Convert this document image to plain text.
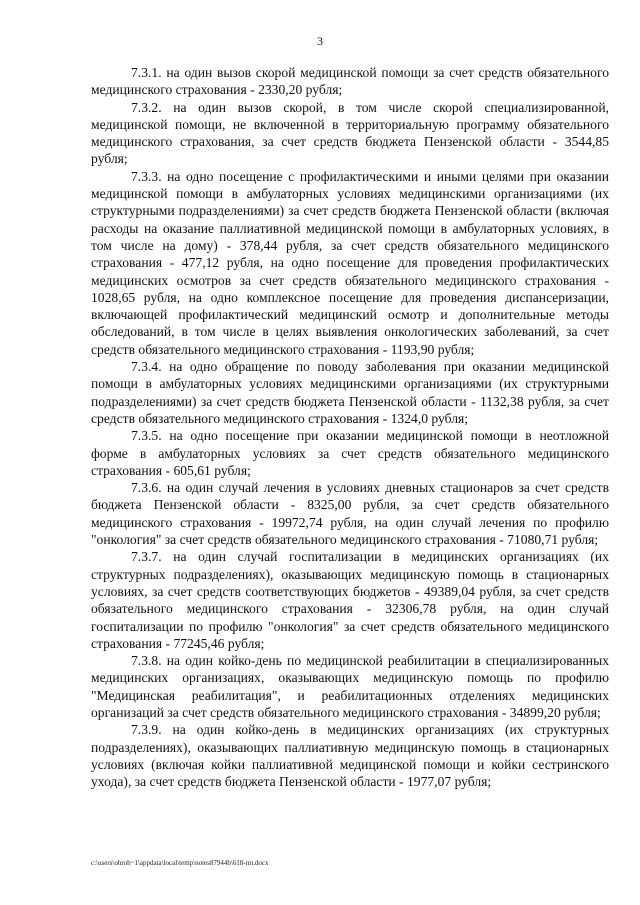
3

7.3.1. на один вызов скорой медицинской помощи за счет средств обязательного медицинского страхования - 2330,20 рубля;

7.3.2. на один вызов скорой, в том числе скорой специализированной, медицинской помощи, не включенной в территориальную программу обязательного медицинского страхования, за счет средств бюджета Пензенской области - 3544,85 рубля;

7.3.3. на одно посещение с профилактическими и иными целями при оказании медицинской помощи в амбулаторных условиях медицинскими организациями (их структурными подразделениями) за счет средств бюджета Пензенской области (включая расходы на оказание паллиативной медицинской помощи в амбулаторных условиях, в том числе на дому) - 378,44 рубля, за счет средств обязательного медицинского страхования - 477,12 рубля, на одно посещение для проведения профилактических медицинских осмотров за счет средств обязательного медицинского страхования - 1028,65 рубля, на одно комплексное посещение для проведения диспансеризации, включающей профилактический медицинский осмотр и дополнительные методы обследований, в том числе в целях выявления онкологических заболеваний, за счет средств обязательного медицинского страхования - 1193,90 рубля;

7.3.4. на одно обращение по поводу заболевания при оказании медицинской помощи в амбулаторных условиях медицинскими организациями (их структурными подразделениями) за счет средств бюджета Пензенской области - 1132,38 рубля, за счет средств обязательного медицинского страхования - 1324,0 рубля;

7.3.5. на одно посещение при оказании медицинской помощи в неотложной форме в амбулаторных условиях за счет средств обязательного медицинского страхования - 605,61 рубля;

7.3.6. на один случай лечения в условиях дневных стационаров за счет средств бюджета Пензенской области - 8325,00 рубля, за счет средств обязательного медицинского страхования - 19972,74 рубля, на один случай лечения по профилю "онкология" за счет средств обязательного медицинского страхования - 71080,71 рубля;

7.3.7. на один случай госпитализации в медицинских организациях (их структурных подразделениях), оказывающих медицинскую помощь в стационарных условиях, за счет средств соответствующих бюджетов - 49389,04 рубля, за счет средств обязательного медицинского страхования - 32306,78 рубля, на один случай госпитализации по профилю "онкология" за счет средств обязательного медицинского страхования - 77245,46 рубля;

7.3.8. на один койко-день по медицинской реабилитации в специализированных медицинских организациях, оказывающих медицинскую помощь по профилю "Медицинская реабилитация", и реабилитационных отделениях медицинских организаций за счет средств обязательного медицинского страхования - 34899,20 рубля;

7.3.9. на один койко-день в медицинских организациях (их структурных подразделениях), оказывающих паллиативную медицинскую помощь в стационарных условиях (включая койки паллиативной медицинской помощи и койки сестринского ухода), за счет средств бюджета Пензенской области - 1977,07 рубля;

c:\users\ohroh~1\appdata\local\temp\notes87944b\618-пп.docx
